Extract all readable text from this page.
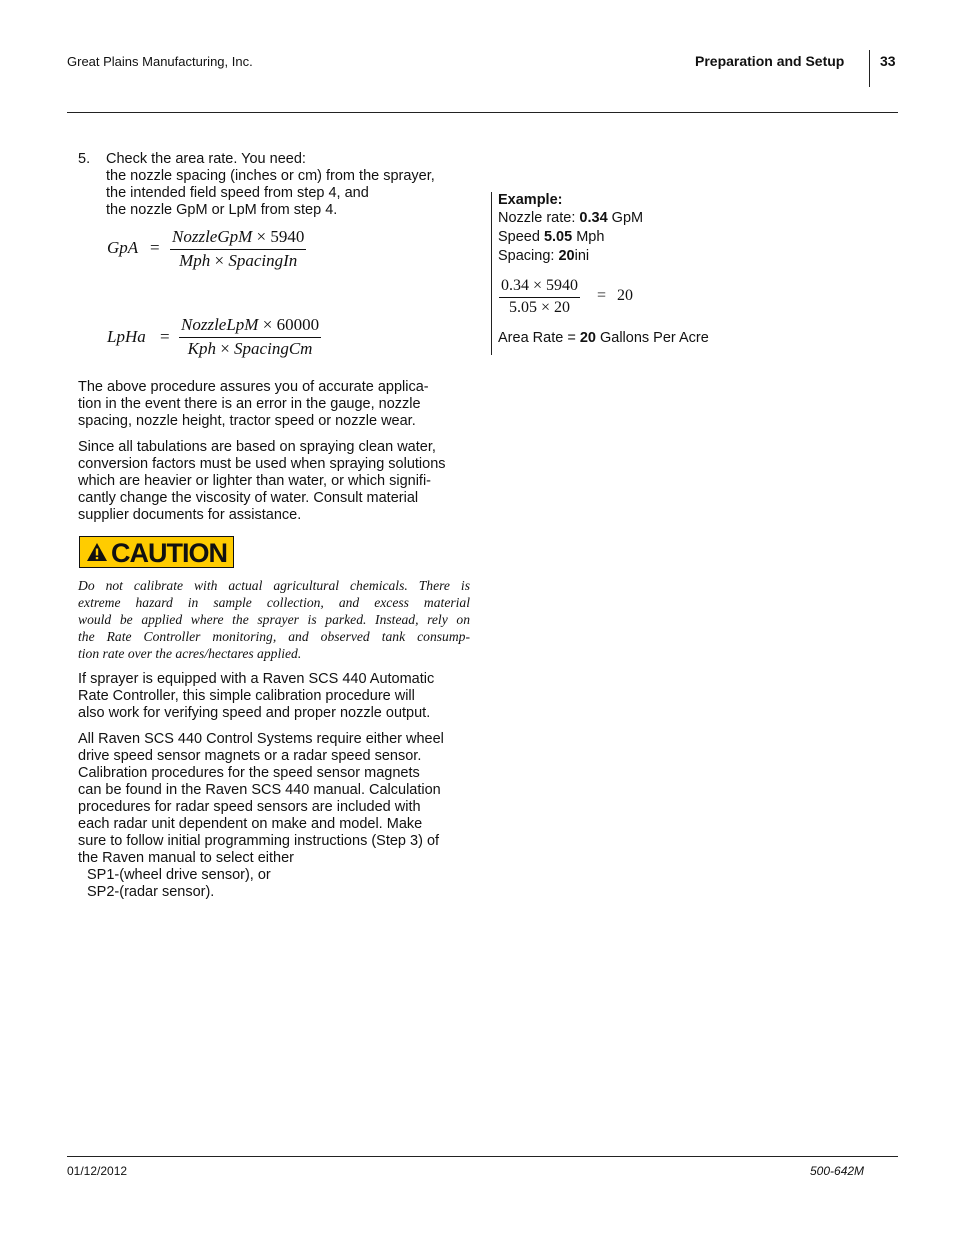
Great Plains Manufacturing, Inc.	Preparation and Setup	33
5. Check the area rate. You need:
the nozzle spacing (inches or cm) from the sprayer,
the intended field speed from step 4, and
the nozzle GpM or LpM from step 4.
GpA =
NozzleGpM × 5940
Mph × SpacingIn
LpHa =
NozzleLpM × 60000
Kph × SpacingCm
The above procedure assures you of accurate applica-
tion in the event there is an error in the gauge, nozzle
spacing, nozzle height, tractor speed or nozzle wear.
Since all tabulations are based on spraying clean water,
conversion factors must be used when spraying solutions
which are heavier or lighter than water, or which signifi-
cantly change the viscosity of water. Consult material
supplier documents for assistance.
CAUTION
Do not calibrate with actual agricultural chemicals. There is
extreme hazard in sample collection, and excess material
would be applied where the sprayer is parked. Instead, rely on
the Rate Controller monitoring, and observed tank consump-
tion rate over the acres/hectares applied.
If sprayer is equipped with a Raven SCS 440 Automatic
Rate Controller, this simple calibration procedure will
also work for verifying speed and proper nozzle output.
All Raven SCS 440 Control Systems require either wheel
drive speed sensor magnets or a radar speed sensor.
Calibration procedures for the speed sensor magnets
can be found in the Raven SCS 440 manual. Calculation
procedures for radar speed sensors are included with
each radar unit dependent on make and model. Make
sure to follow initial programming instructions (Step 3) of
the Raven manual to select either
SP1-(wheel drive sensor), or
SP2-(radar sensor).
Example:
Nozzle rate: 0.34 GpM
Speed 5.05 Mph
Spacing: 20ini
$\frac{0.34 \times 5940}{5.05 \times 20} = 20$
Area Rate = 20 Gallons Per Acre
01/12/2012	500-642M
